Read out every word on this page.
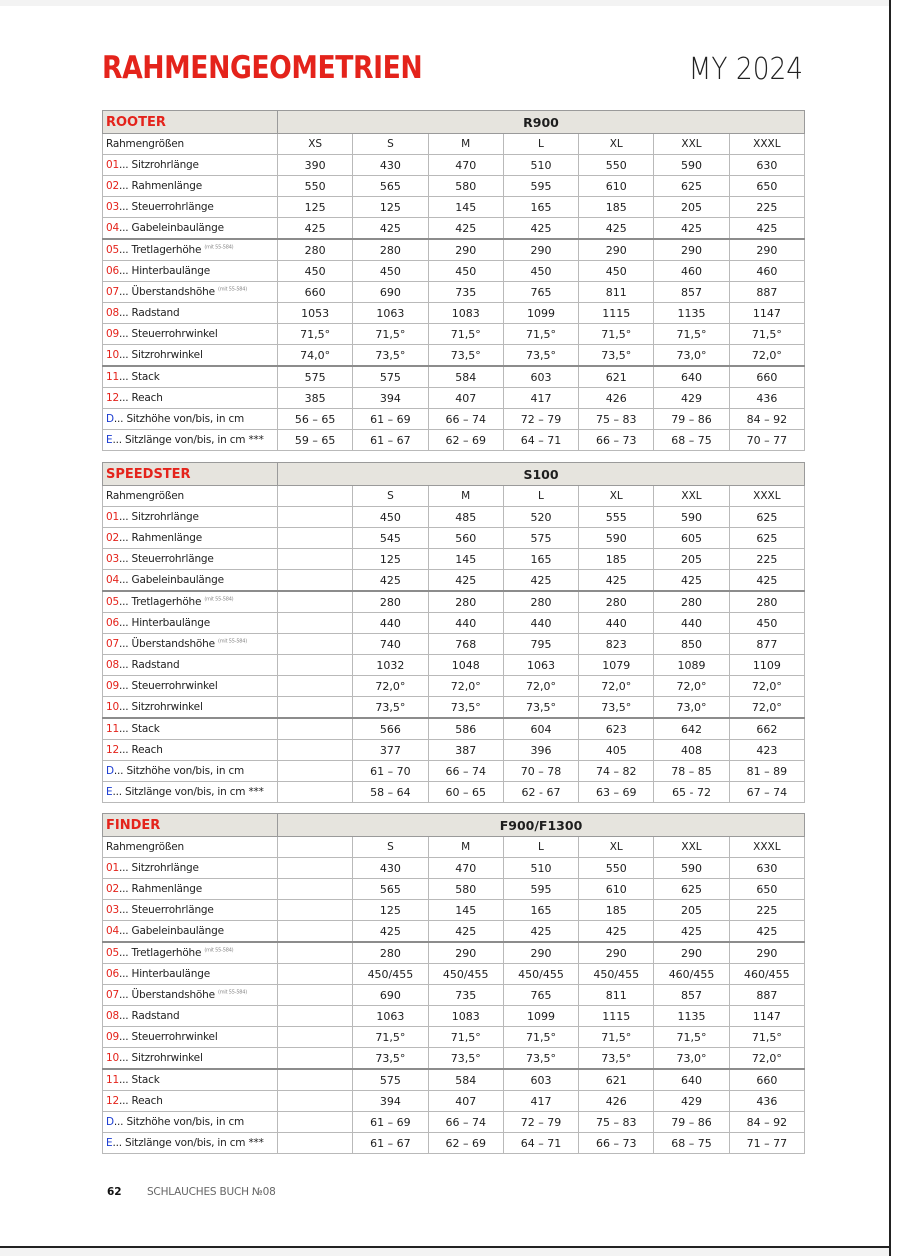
RAHMENGEOMETRIEN	MY 2024
ROOTER	R900						
Rahmengrößen	XS	S	M	L	XL	XXL	XXXL
01... Sitzrohrlänge	390	430	470	510	550	590	630
02... Rahmenlänge	550	565	580	595	610	625	650
03... Steuerrohrlänge	125	125	145	165	185	205	225
04... Gabeleinbaulänge	425	425	425	425	425	425	425
05... Tretlagerhöhe $^{(mit 55-584)}$	280	280	290	290	290	290	290
06... Hinterbaulänge	450	450	450	450	450	460	460
07... Überstandshöhe $^{(mit 55-584)}$	660	690	735	765	811	857	887
08... Radstand	1053	1063	1083	1099	1115	1135	1147
09... Steuerrohrwinkel	71,5°	71,5°	71,5°	71,5°	71,5°	71,5°	71,5°
10... Sitzrohrwinkel	74,0°	73,5°	73,5°	73,5°	73,5°	73,0°	72,0°
11... Stack	575	575	584	603	621	640	660
12... Reach	385	394	407	417	426	429	436
D... Sitzhöhe von/bis, in cm	56 – 65	61 – 69	66 – 74	72 – 79	75 – 83	79 – 86	84 – 92
E... Sitzlänge von/bis, in cm ***	59 – 65	61 – 67	62 – 69	64 – 71	66 – 73	68 – 75	70 – 77
SPEEDSTER	S100						
Rahmengrößen		S	M	L	XL	XXL	XXXL
01... Sitzrohrlänge		450	485	520	555	590	625
02... Rahmenlänge		545	560	575	590	605	625
03... Steuerrohrlänge		125	145	165	185	205	225
04... Gabeleinbaulänge		425	425	425	425	425	425
05... Tretlagerhöhe $^{(mit 55-584)}$		280	280	280	280	280	280
06... Hinterbaulänge		440	440	440	440	440	450
07... Überstandshöhe $^{(mit 55-584)}$		740	768	795	823	850	877
08... Radstand		1032	1048	1063	1079	1089	1109
09... Steuerrohrwinkel		72,0°	72,0°	72,0°	72,0°	72,0°	72,0°
10... Sitzrohrwinkel		73,5°	73,5°	73,5°	73,5°	73,0°	72,0°
11... Stack		566	586	604	623	642	662
12... Reach		377	387	396	405	408	423
D... Sitzhöhe von/bis, in cm		61 – 70	66 – 74	70 – 78	74 – 82	78 – 85	81 – 89
E... Sitzlänge von/bis, in cm ***		58 – 64	60 – 65	62 - 67	63 – 69	65 - 72	67 – 74
FINDER	F900/F1300						
Rahmengrößen		S	M	L	XL	XXL	XXXL
01... Sitzrohrlänge		430	470	510	550	590	630
02... Rahmenlänge		565	580	595	610	625	650
03... Steuerrohrlänge		125	145	165	185	205	225
04... Gabeleinbaulänge		425	425	425	425	425	425
05... Tretlagerhöhe $^{(mit 55-584)}$		280	290	290	290	290	290
06... Hinterbaulänge		450/455	450/455	450/455	450/455	460/455	460/455
07... Überstandshöhe $^{(mit 55-584)}$		690	735	765	811	857	887
08... Radstand		1063	1083	1099	1115	1135	1147
09... Steuerrohrwinkel		71,5°	71,5°	71,5°	71,5°	71,5°	71,5°
10... Sitzrohrwinkel		73,5°	73,5°	73,5°	73,5°	73,0°	72,0°
11... Stack		575	584	603	621	640	660
12... Reach		394	407	417	426	429	436
D... Sitzhöhe von/bis, in cm		61 – 69	66 – 74	72 – 79	75 – 83	79 – 86	84 – 92
E... Sitzlänge von/bis, in cm ***		61 – 67	62 – 69	64 – 71	66 – 73	68 – 75	71 – 77
62 SCHLAUCHES BUCH №08
